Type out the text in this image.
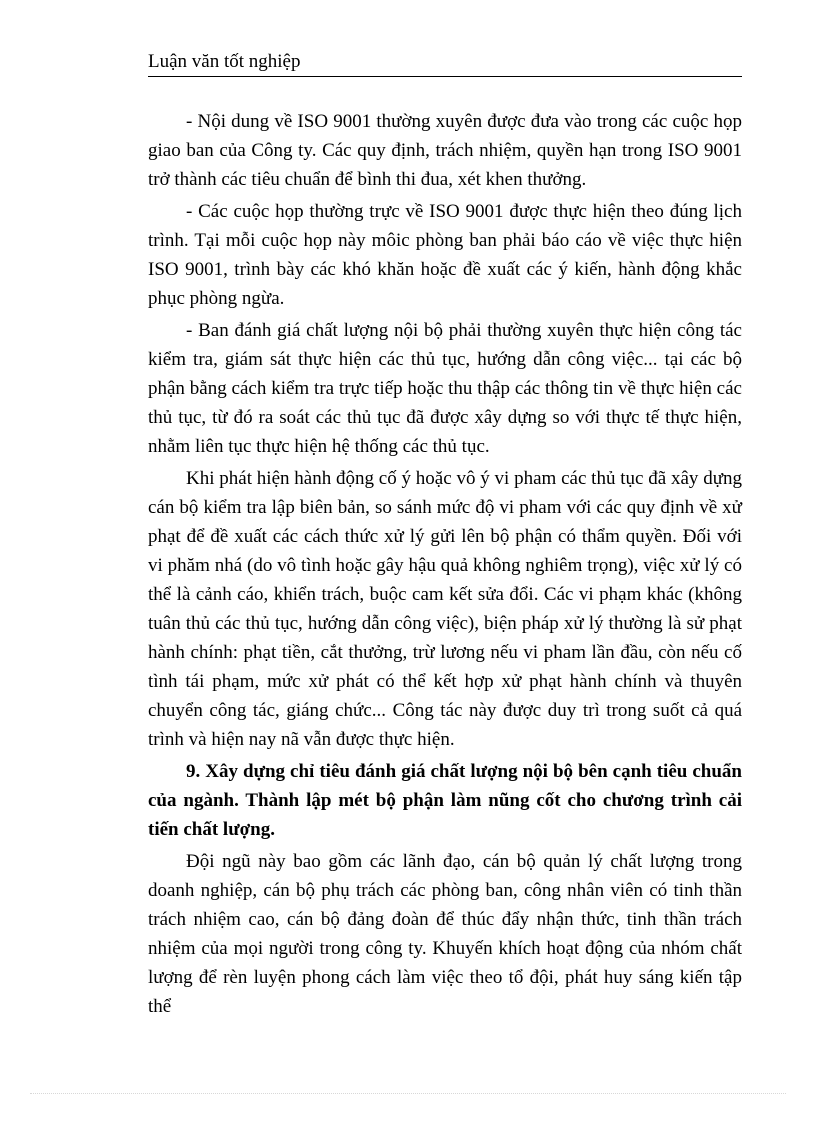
Luận văn tốt nghiệp

- Nội dung về ISO 9001 thường xuyên được đưa vào trong các cuộc họp giao ban của Công ty. Các quy định, trách nhiệm, quyền hạn trong ISO 9001 trở thành các tiêu chuẩn để bình thi đua, xét khen thưởng.

- Các cuộc họp thường trực về ISO 9001 được thực hiện theo đúng lịch trình. Tại mỗi cuộc họp này môic phòng ban phải báo cáo về việc thực hiện ISO 9001, trình bày các khó khăn hoặc đề xuất các ý kiến, hành động khắc phục phòng ngừa.

- Ban đánh giá chất lượng nội bộ phải thường xuyên thực hiện công tác kiểm tra, giám sát thực hiện các thủ tục, hướng dẫn công việc... tại các bộ phận bằng cách kiểm tra trực tiếp hoặc thu thập các thông tin về thực hiện các thủ tục, từ đó ra soát các thủ tục đã được xây dựng so với thực tế thực hiện, nhằm liên tục thực hiện hệ thống các thủ tục.

Khi phát hiện hành động cố ý hoặc vô ý vi pham các thủ tục đã xây dựng cán bộ kiểm tra lập biên bản, so sánh mức độ vi pham với các quy định về xử phạt để đề xuất các cách thức xử lý gửi lên bộ phận có thẩm quyền. Đối với vi phăm nhá (do vô tình hoặc gây hậu quả không nghiêm trọng), việc xử lý có thể là cảnh cáo, khiển trách, buộc cam kết sửa đổi. Các vi phạm khác (không tuân thủ các thủ tục, hướng dẫn công việc), biện pháp xử lý thường là sử phạt hành chính: phạt tiền, cắt thưởng, trừ lương nếu vi pham lần đầu, còn nếu cố tình tái phạm, mức xử phát có thể kết hợp xử phạt hành chính và thuyên chuyển công tác, giáng chức... Công tác này được duy trì trong suốt cả quá trình và hiện nay nã vẫn được thực hiện.

9. Xây dựng chỉ tiêu đánh giá chất lượng nội bộ bên cạnh tiêu chuẩn của ngành. Thành lập mét bộ phận làm nũng cốt cho chương trình cải tiến chất lượng.

Đội ngũ này bao gồm các lãnh đạo, cán bộ quản lý chất lượng trong doanh nghiệp, cán bộ phụ trách các phòng ban, công nhân viên có tinh thần trách nhiệm cao, cán bộ đảng đoàn để thúc đẩy nhận thức, tinh thần trách nhiệm của mọi người trong công ty. Khuyến khích hoạt động của nhóm chất lượng để rèn luyện phong cách làm việc theo tổ đội, phát huy sáng kiến tập thể
